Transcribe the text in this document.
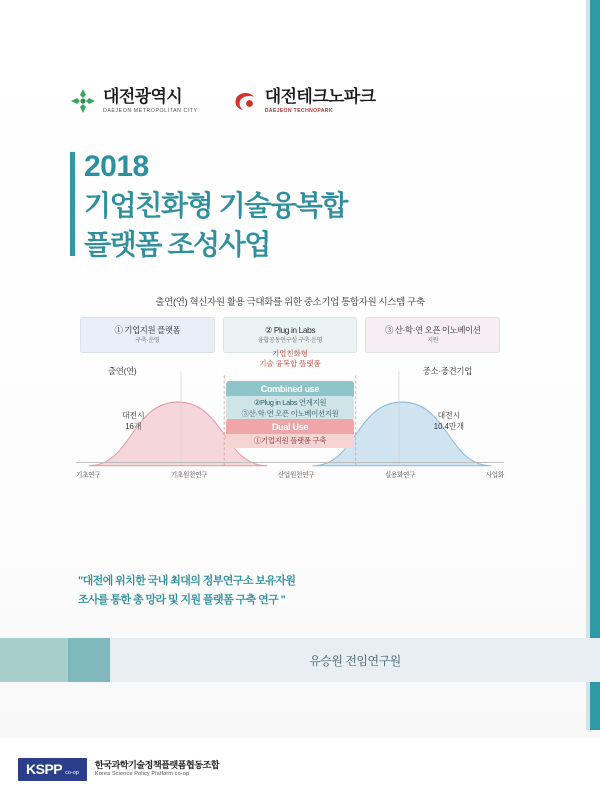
대전광역시
DAEJEON METROPOLITAN CITY
대전테크노파크
DAEJEON TECHNOPARK
2018
기업친화형 기술융복합
플랫폼 조성사업
출연(연) 혁신자원 활용 극대화를 위한 중소기업 통합자원 시스템 구축
① 기업지원 플랫폼
구축·운영
② Plug in Labs
융합공동연구실 구축·운영
③ 산·학·연 오픈 이노베이션
지원
출연(연)	중소·중견기업
기업친화형
기술 융복합 플랫폼
Combined use
②Plug in Labs 연계지원
③산·학·연 오픈 이노베이션지원
Dual Use
①기업지원 플랫폼 구축
대전시
16개
대전시
10.4만개
기초연구	기초원천연구	산업원천연구	실용화연구	사업화
"대전에 위치한 국내 최대의 정부연구소 보유자원
조사를 통한 총 망라 및 지원 플랫폼 구축 연구 "
유승원 전임연구원
KSPP co-op
한국과학기술정책플랫폼협동조합
Korea Science Policy Platform co-op
